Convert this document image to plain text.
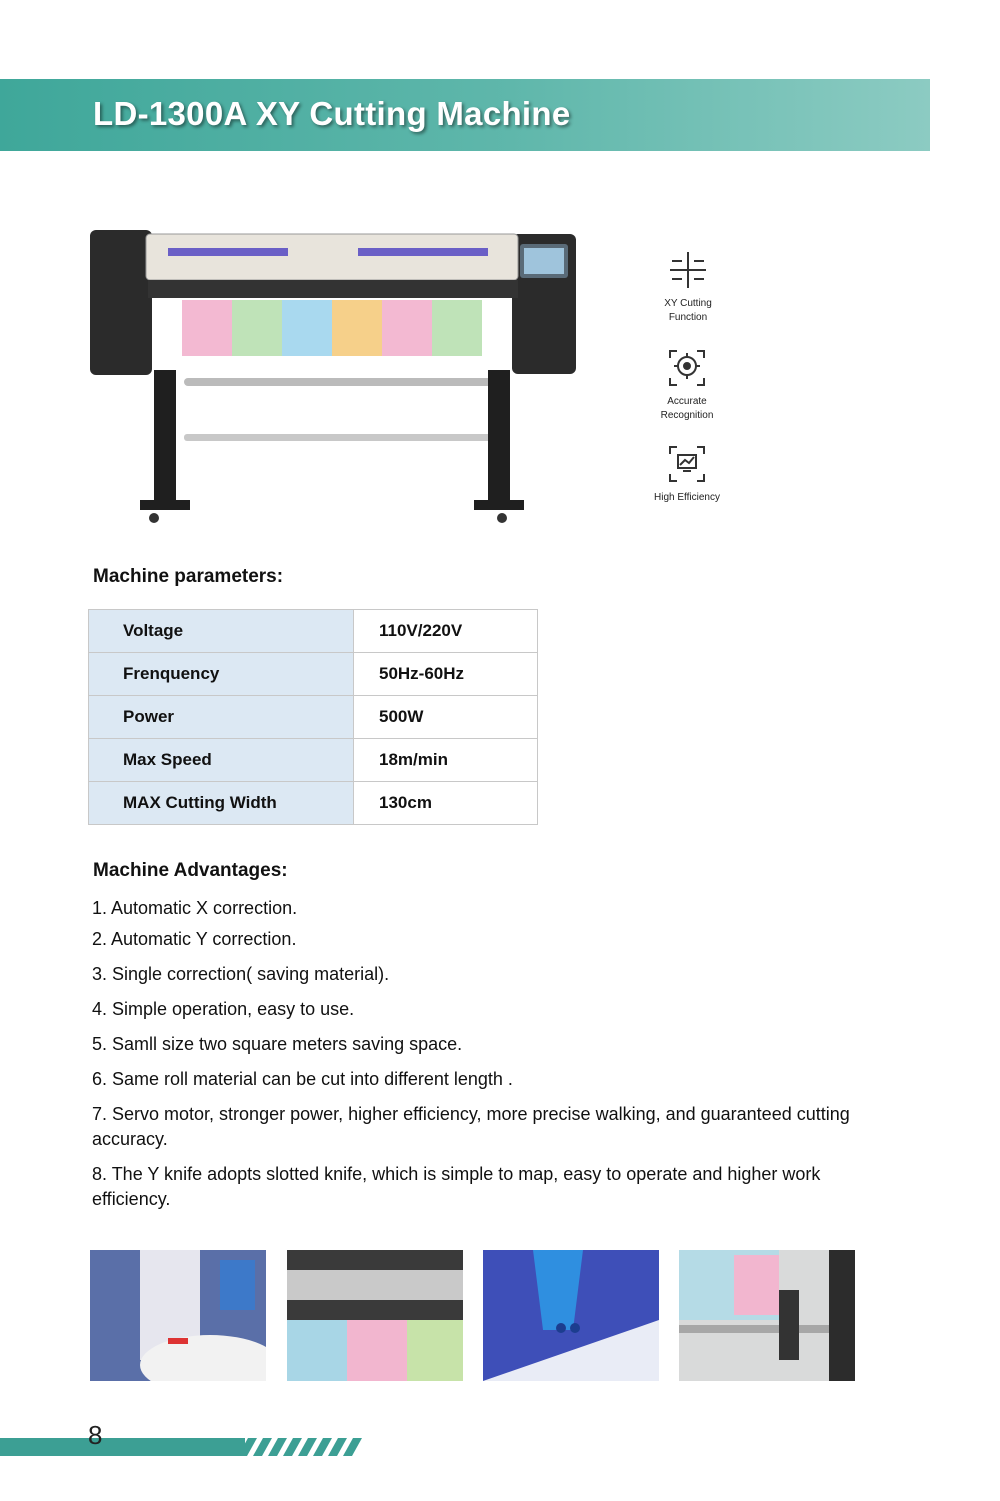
LD-1300A XY Cutting Machine
XY Cutting
Function
Accurate
Recognition
High Efficiency
Machine parameters:
Voltage	110V/220V
Frenquency	50Hz-60Hz
Power	500W
Max Speed	18m/min
MAX Cutting Width	130cm
Machine Advantages:
1. Automatic X correction.
2. Automatic Y correction.
3. Single correction( saving material).
4. Simple operation, easy to use.
5. Samll size two square meters saving space.
6. Same roll material can be cut into different length .
7. Servo motor, stronger power, higher efficiency, more precise walking, and guaranteed cutting accuracy.
8. The Y knife adopts slotted knife, which is simple to map, easy to operate and higher work efficiency.
8
